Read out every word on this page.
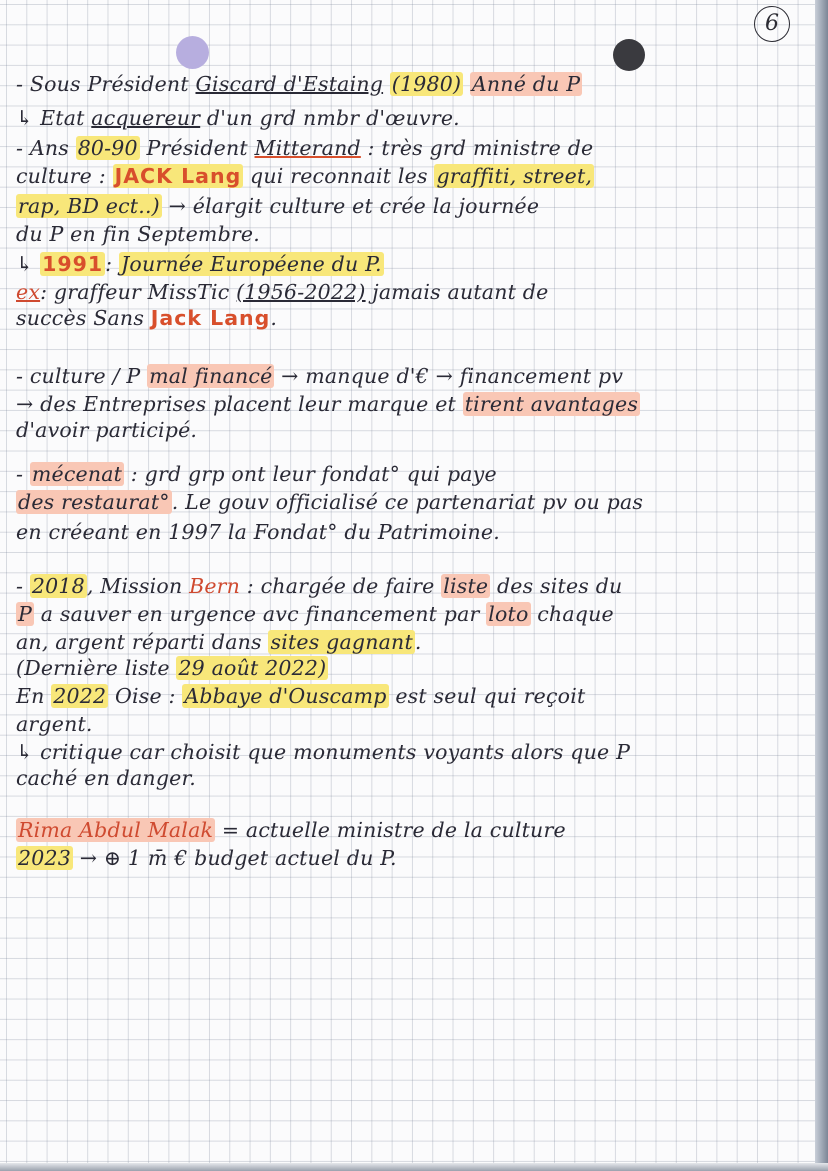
6
- Sous Président Giscard d'Estaing (1980) Anné du P
↳ Etat acquereur d'un grd nmbr d'œuvre.
- Ans 80-90 Président Mitterand : très grd ministre de
culture : JACK Lang qui reconnait les graffiti, street,
rap, BD ect..) → élargit culture et crée la journée
du P en fin Septembre.
↳ 1991: Journée Européene du P.
ex: graffeur MissTic (1956-2022) jamais autant de
succès Sans Jack Lang.
- culture / P mal financé → manque d'€ → financement pv
→ des Entreprises placent leur marque et tirent avantages
d'avoir participé.
- mécenat : grd grp ont leur fondat° qui paye
des restaurat°. Le gouv officialisé ce partenariat pv ou pas
en créeant en 1997 la Fondat° du Patrimoine.
- 2018, Mission Bern : chargée de faire liste des sites du
P a sauver en urgence avc financement par loto chaque
an, argent réparti dans sites gagnant.
(Dernière liste 29 août 2022)
En 2022 Oise : Abbaye d'Ouscamp est seul qui reçoit
argent.
↳ critique car choisit que monuments voyants alors que P
caché en danger.
Rima Abdul Malak = actuelle ministre de la culture
2023 → ⊕ 1 m̄ € budget actuel du P.
